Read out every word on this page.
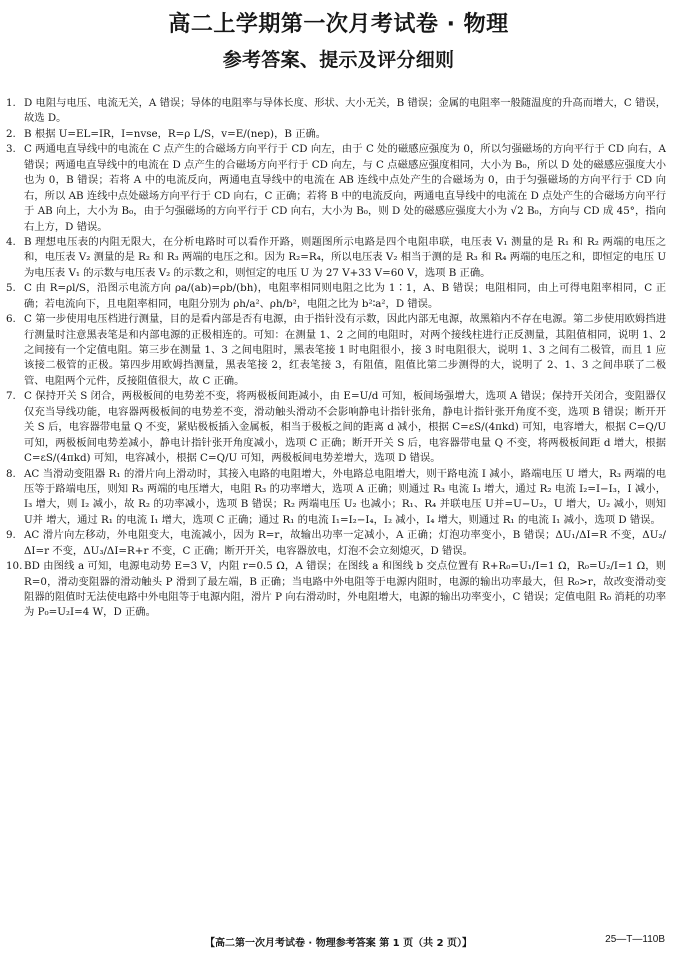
高二上学期第一次月考试卷 · 物理
参考答案、提示及评分细则
1. D 电阻与电压、电流无关，A 错误；导体的电阻率与导体长度、形状、大小无关，B 错误；金属的电阻率一般随温度的升高而增大，C 错误，故选 D。
2. B 根据 U=EL=IR，I=nvse，R=ρ L/S，v=E/(nep)，B 正确。
3. C 两通电直导线中的电流在 C 点产生的合磁场方向平行于 CD 向左，由于 C 处的磁感应强度为 0，所以匀强磁场的方向平行于 CD 向右，A 错误；两通电直导线中的电流在 D 点产生的合磁场方向平行于 CD 向左，与 C 点磁感应强度相同，大小为 B₀，所以 D 处的磁感应强度大小也为 0，B 错误；若将 A 中的电流反向，两通电直导线中的电流在 AB 连线中点处产生的合磁场为 0，由于匀强磁场的方向平行于 CD 向右，所以 AB 连线中点处磁场方向平行于 CD 向右，C 正确；若将 B 中的电流反向，两通电直导线中的电流在 D 点处产生的合磁场方向平行于 AB 向上，大小为 B₀，由于匀强磁场的方向平行于 CD 向右，大小为 B₀，则 D 处的磁感应强度大小为 √2 B₀，方向与 CD 成 45°，指向右上方，D 错误。
4. B 理想电压表的内阻无限大，在分析电路时可以看作开路，则题图所示电路是四个电阻串联，电压表 V₁ 测量的是 R₁ 和 R₂ 两端的电压之和，电压表 V₂ 测量的是 R₂ 和 R₃ 两端的电压之和。因为 R₂=R₄，所以电压表 V₂ 相当于测的是 R₃ 和 R₄ 两端的电压之和，即恒定的电压 U 为电压表 V₁ 的示数与电压表 V₂ 的示数之和，则恒定的电压 U 为 27 V+33 V=60 V，选项 B 正确。
5. C 由 R=ρl/S，沿图示电流方向 ρa/(ab)=ρb/(bh)，电阻率相同则电阻之比为 1∶1，A、B 错误；电阻相同，由上可得电阻率相同，C 正确；若电流向下，且电阻率相同，电阻分别为 ρh/a²、ρh/b²，电阻之比为 b²∶a²，D 错误。
6. C 第一步使用电压档进行测量，目的是看内部是否有电源，由于指针没有示数，因此内部无电源，故黑箱内不存在电源。第二步使用欧姆挡进行测量时注意黑表笔是和内部电源的正极相连的。可知：在测量 1、2 之间的电阻时，对两个接线柱进行正反测量，其阻值相同，说明 1、2 之间接有一个定值电阻。第三步在测量 1、3 之间电阻时，黑表笔接 1 时电阻很小，接 3 时电阻很大，说明 1、3 之间有二极管，而且 1 应该接二极管的正极。第四步用欧姆挡测量，黑表笔接 2，红表笔接 3，有阻值，阻值比第二步测得的大，说明了 2、1、3 之间串联了二极管、电阻两个元件，反接阻值很大，故 C 正确。
7. C 保持开关 S 闭合，两极板间的电势差不变，将两极板间距减小，由 E=U/d 可知，板间场强增大，选项 A 错误；保持开关闭合，变阻器仅仅充当导线功能，电容器两极板间的电势差不变，滑动触头滑动不会影响静电计指针张角，静电计指针张开角度不变，选项 B 错误；断开开关 S 后，电容器带电量 Q 不变，紧贴极板插入金属板，相当于极板之间的距离 d 减小，根据 C=εS/(4πkd) 可知，电容增大，根据 C=Q/U 可知，两极板间电势差减小，静电计指针张开角度减小，选项 C 正确；断开开关 S 后，电容器带电量 Q 不变，将两极板间距 d 增大，根据 C=εS/(4πkd) 可知，电容减小，根据 C=Q/U 可知，两极板间电势差增大，选项 D 错误。
8. AC 当滑动变阻器 R₁ 的滑片向上滑动时，其接入电路的电阻增大，外电路总电阻增大，则干路电流 I 减小，路端电压 U 增大，R₃ 两端的电压等于路端电压，则知 R₃ 两端的电压增大，电阻 R₃ 的功率增大，选项 A 正确；则通过 R₃ 电流 I₃ 增大，通过 R₂ 电流 I₂=I−I₃，I 减小，I₃ 增大，则 I₂ 减小，故 R₂ 的功率减小，选项 B 错误；R₂ 两端电压 U₂ 也减小；R₁、R₄ 并联电压 U并=U−U₂，U 增大，U₂ 减小，则知 U并 增大，通过 R₁ 的电流 I₁ 增大，选项 C 正确；通过 R₁ 的电流 I₁=I₂−I₄，I₂ 减小，I₄ 增大，则通过 R₁ 的电流 I₁ 减小，选项 D 错误。
9. AC 滑片向左移动，外电阻变大，电流减小，因为 R=r，故输出功率一定减小，A 正确；灯泡功率变小，B 错误；ΔU₁/ΔI=R 不变，ΔU₂/ΔI=r 不变，ΔU₃/ΔI=R+r 不变，C 正确；断开开关，电容器放电，灯泡不会立刻熄灭，D 错误。
10. BD 由图线 a 可知，电源电动势 E=3 V，内阻 r=0.5 Ω，A 错误；在图线 a 和图线 b 交点位置有 R+R₀=U₁/I=1 Ω，R₀=U₂/I=1 Ω，则 R=0，滑动变阻器的滑动触头 P 滑到了最左端，B 正确；当电路中外电阻等于电源内阻时，电源的输出功率最大，但 R₀>r，故改变滑动变阻器的阻值时无法使电路中外电阻等于电源内阻，滑片 P 向右滑动时，外电阻增大，电源的输出功率变小，C 错误；定值电阻 R₀ 消耗的功率为 P₀=U₂I=4 W，D 正确。
【高二第一次月考试卷 · 物理参考答案 第 1 页（共 2 页）】	25—T—110B
